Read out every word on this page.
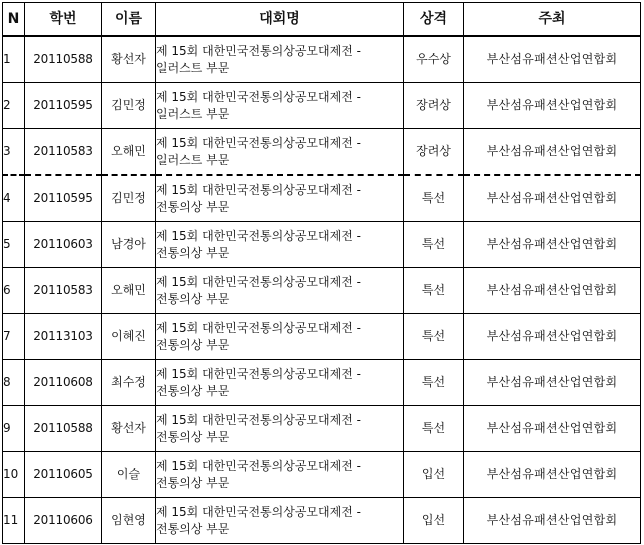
N	학번	이름	대회명	상격	주최
1	20110588	황선자	제 15회 대한민국전통의상공모대제전 -
일러스트 부문	우수상	부산섬유패션산업연합회
2	20110595	김민정	제 15회 대한민국전통의상공모대제전 -
일러스트 부문	장려상	부산섬유패션산업연합회
3	20110583	오해민	제 15회 대한민국전통의상공모대제전 -
일러스트 부문	장려상	부산섬유패션산업연합회
4	20110595	김민정	제 15회 대한민국전통의상공모대제전 -
전통의상 부문	특선	부산섬유패션산업연합회
5	20110603	남경아	제 15회 대한민국전통의상공모대제전 -
전통의상 부문	특선	부산섬유패션산업연합회
6	20110583	오해민	제 15회 대한민국전통의상공모대제전 -
전통의상 부문	특선	부산섬유패션산업연합회
7	20113103	이혜진	제 15회 대한민국전통의상공모대제전 -
전통의상 부문	특선	부산섬유패션산업연합회
8	20110608	최수정	제 15회 대한민국전통의상공모대제전 -
전통의상 부문	특선	부산섬유패션산업연합회
9	20110588	황선자	제 15회 대한민국전통의상공모대제전 -
전통의상 부문	특선	부산섬유패션산업연합회
10	20110605	이슬	제 15회 대한민국전통의상공모대제전 -
전통의상 부문	입선	부산섬유패션산업연합회
11	20110606	임현영	제 15회 대한민국전통의상공모대제전 -
전통의상 부문	입선	부산섬유패션산업연합회
